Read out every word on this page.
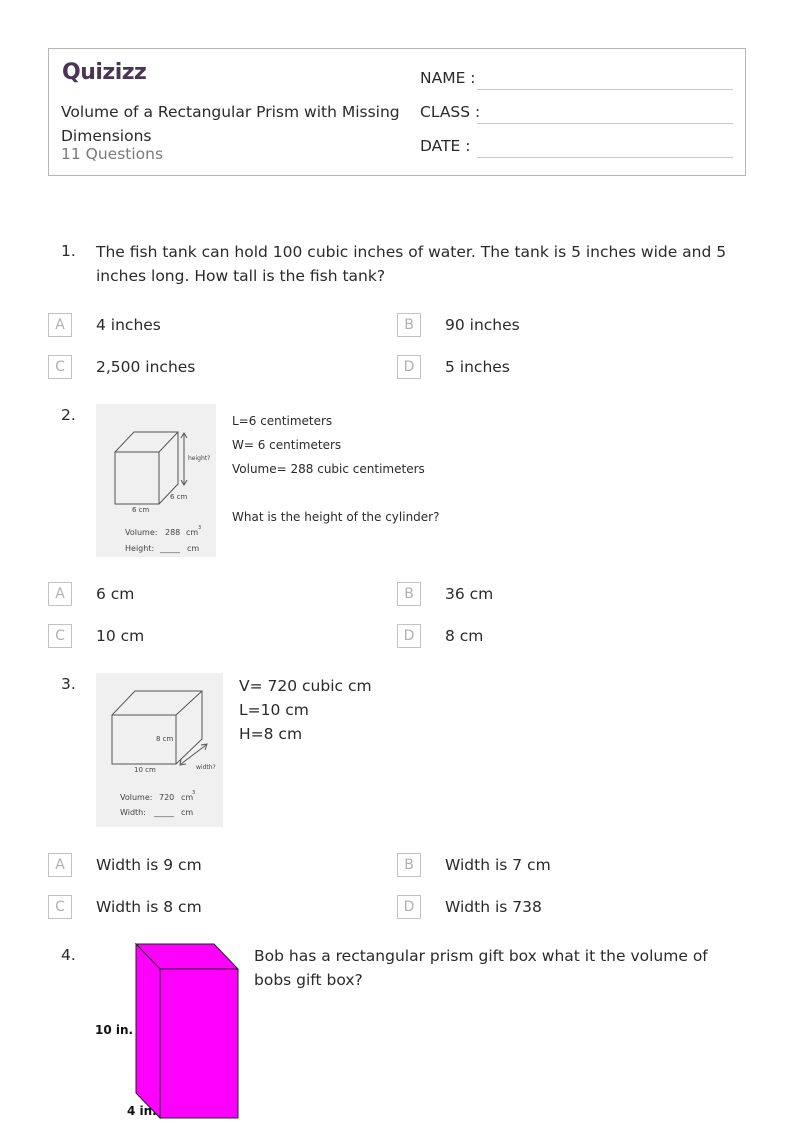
Quizizz
Volume of a Rectangular Prism with Missing Dimensions
11 Questions
NAME :
CLASS :
DATE :
1. The fish tank can hold 100 cubic inches of water. The tank is 5 inches wide and 5 inches long. How tall is the fish tank?
A	4 inches	B	90 inches
C	2,500 inches	D	5 inches
2.
height?
6 cm
6 cm
Volume: 288 cm 3
Height: _____ cm
L=6 centimeters
W= 6 centimeters
Volume= 288 cubic centimeters
What is the height of the cylinder?
A	6 cm	B	36 cm
C	10 cm	D	8 cm
3.
8 cm
10 cm	width?
Volume: 720 cm
3
Width: _____ cm
V= 720 cubic cm
L=10 cm
H=8 cm
A	Width is 9 cm	B	Width is 7 cm
C	Width is 8 cm	D	Width is 738
4.
10 in.
4 in.
Bob has a rectangular prism gift box what it the volume of bobs gift box?
